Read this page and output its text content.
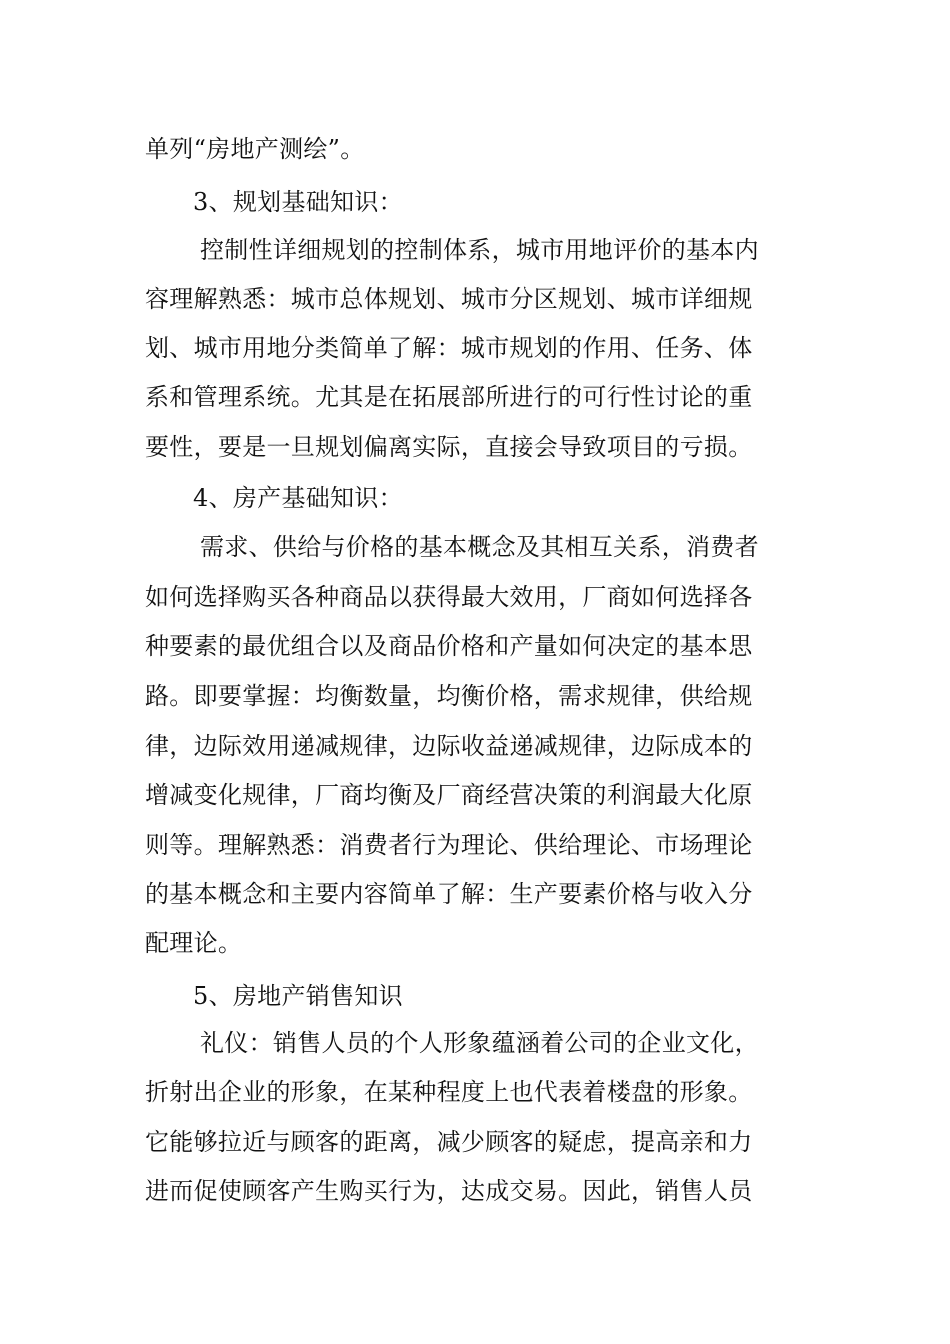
单列“房地产测绘”。
3、规划基础知识：
控制性详细规划的控制体系，城市用地评价的基本内
容理解熟悉：城市总体规划、城市分区规划、城市详细规
划、城市用地分类简单了解：城市规划的作用、任务、体
系和管理系统。尤其是在拓展部所进行的可行性讨论的重
要性，要是一旦规划偏离实际，直接会导致项目的亏损。
4、房产基础知识：
需求、供给与价格的基本概念及其相互关系，消费者
如何选择购买各种商品以获得最大效用，厂商如何选择各
种要素的最优组合以及商品价格和产量如何决定的基本思
路。即要掌握：均衡数量，均衡价格，需求规律，供给规
律，边际效用递减规律，边际收益递减规律，边际成本的
增减变化规律，厂商均衡及厂商经营决策的利润最大化原
则等。理解熟悉：消费者行为理论、供给理论、市场理论
的基本概念和主要内容简单了解：生产要素价格与收入分
配理论。
5、房地产销售知识
礼仪：销售人员的个人形象蕴涵着公司的企业文化，
折射出企业的形象，在某种程度上也代表着楼盘的形象。
它能够拉近与顾客的距离，减少顾客的疑虑，提高亲和力
进而促使顾客产生购买行为，达成交易。因此，销售人员
